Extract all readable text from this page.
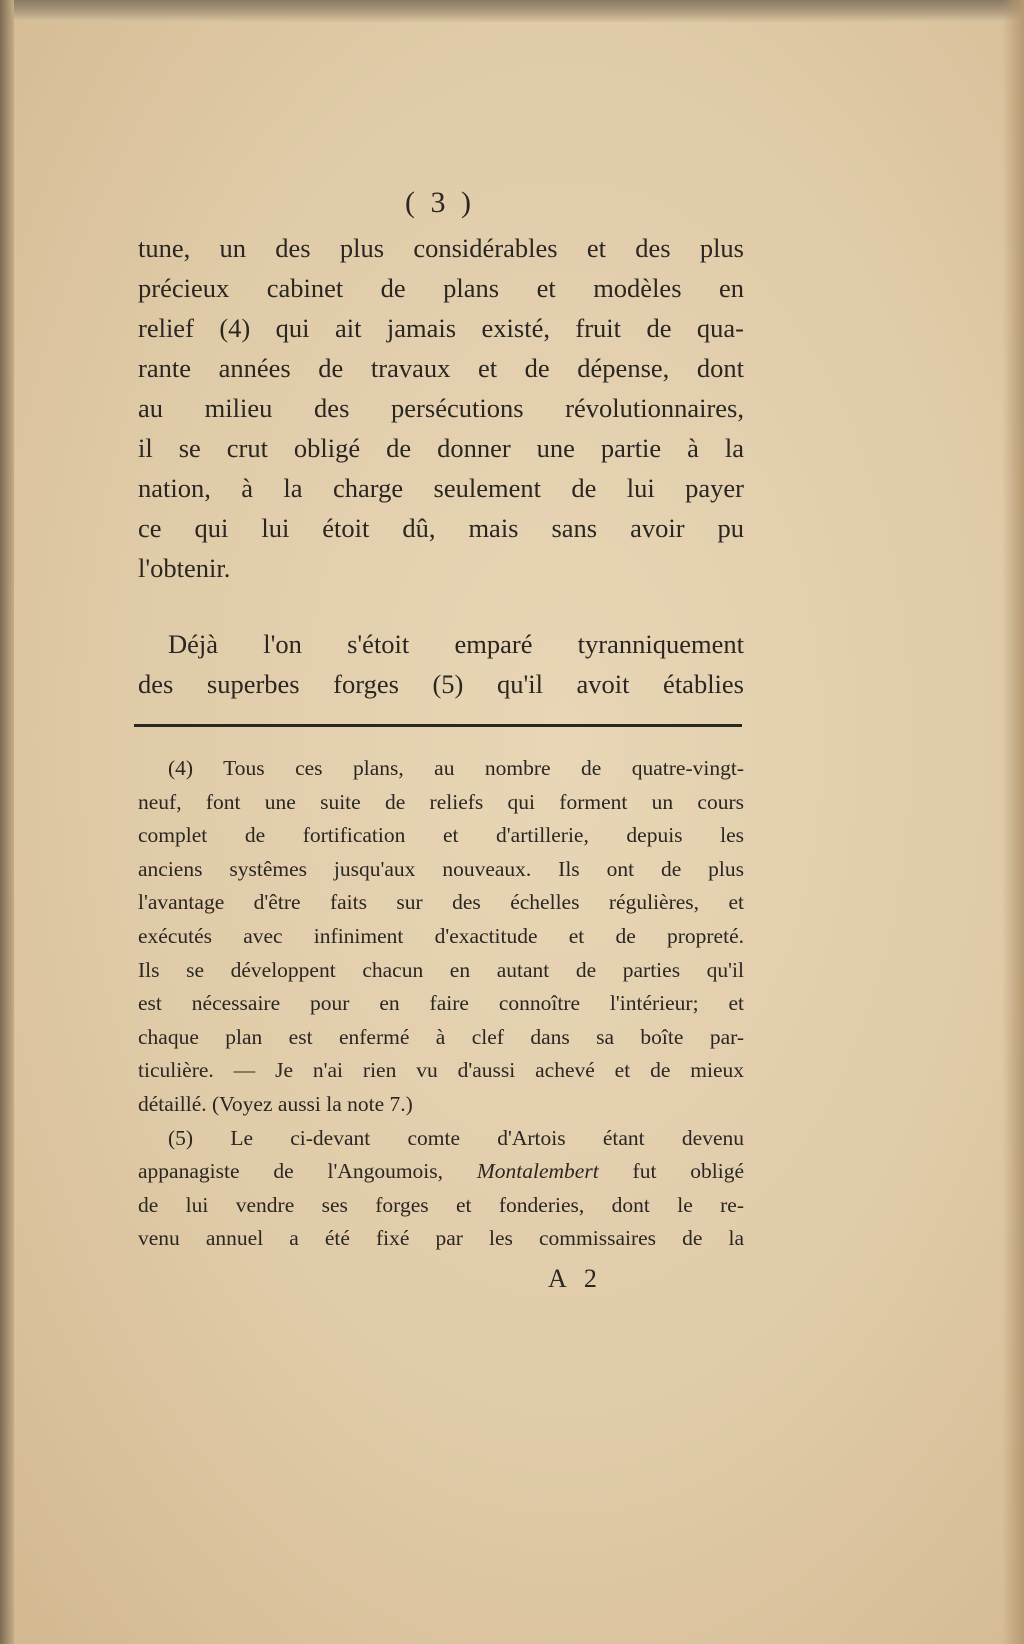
( 3 )
tune, un des plus considérables et des plus
précieux cabinet de plans et modèles en
relief (4) qui ait jamais existé, fruit de qua-
rante années de travaux et de dépense, dont
au milieu des persécutions révolutionnaires,
il se crut obligé de donner une partie à la
nation, à la charge seulement de lui payer
ce qui lui étoit dû, mais sans avoir pu
l'obtenir.
Déjà l'on s'étoit emparé tyranniquement
des superbes forges (5) qu'il avoit établies
(4) Tous ces plans, au nombre de quatre-vingt-
neuf, font une suite de reliefs qui forment un cours
complet de fortification et d'artillerie, depuis les
anciens systêmes jusqu'aux nouveaux. Ils ont de plus
l'avantage d'être faits sur des échelles régulières, et
exécutés avec infiniment d'exactitude et de propreté.
Ils se développent chacun en autant de parties qu'il
est nécessaire pour en faire connoître l'intérieur; et
chaque plan est enfermé à clef dans sa boîte par-
ticulière. — Je n'ai rien vu d'aussi achevé et de mieux
détaillé. (Voyez aussi la note 7.)
(5) Le ci-devant comte d'Artois étant devenu
appanagiste de l'Angoumois, Montalembert fut obligé
de lui vendre ses forges et fonderies, dont le re-
venu annuel a été fixé par les commissaires de la
A 2
